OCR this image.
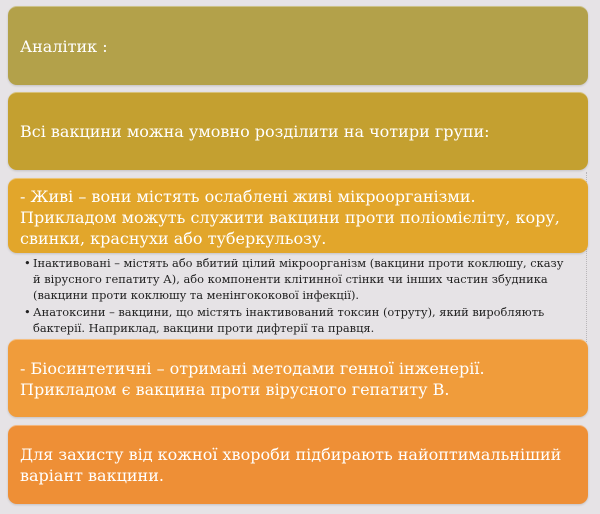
Аналітик :
Всі вакцини можна умовно розділити на чотири групи:
- Живі – вони містять ослаблені живі мікроорганізми. Прикладом можуть служити вакцини проти поліомієліту, кору, свинки, краснухи або туберкульозу.
• Інактивовані – містять або вбитий цілий мікроорганізм (вакцини проти коклюшу, сказу й вірусного гепатиту А), або компоненти клітинної стінки чи інших частин збудника (вакцини проти коклюшу та менінгококової інфекції).
• Анатоксини – вакцини, що містять інактивований токсин (отруту), який виробляють бактерії. Наприклад, вакцини проти дифтерії та правця.
- Біосинтетичні – отримані методами генної інженерії. Прикладом є вакцина проти вірусного гепатиту В.
Для захисту від кожної хвороби підбирають найоптимальніший варіант вакцини.
